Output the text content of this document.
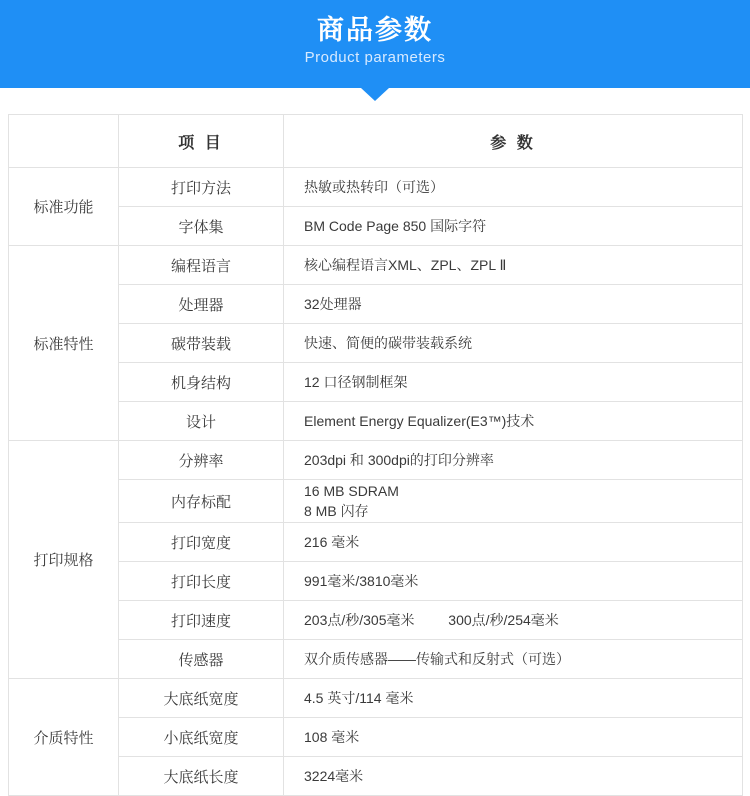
商品参数
Product parameters
	项 目	参 数
标准功能	打印方法	热敏或热转印（可选）
	字体集	BM Code Page 850 国际字符
标准特性	编程语言	核心编程语言XML、ZPL、ZPL Ⅱ
	处理器	32处理器
	碳带装载	快速、简便的碳带装载系统
	机身结构	12 口径钢制框架
	设计	Element Energy Equalizer(E3™)技术
打印规格	分辨率	203dpi 和 300dpi的打印分辨率
	内存标配	16 MB SDRAM
8 MB 闪存

	打印宽度	216 毫米
	打印长度	991毫米/3810毫米
	打印速度	203点/秒/305毫米 300点/秒/254毫米
	传感器	双介质传感器——传输式和反射式（可选）
介质特性	大底纸宽度	4.5 英寸/114 毫米
	小底纸宽度	108 毫米
	大底纸长度	3224毫米
